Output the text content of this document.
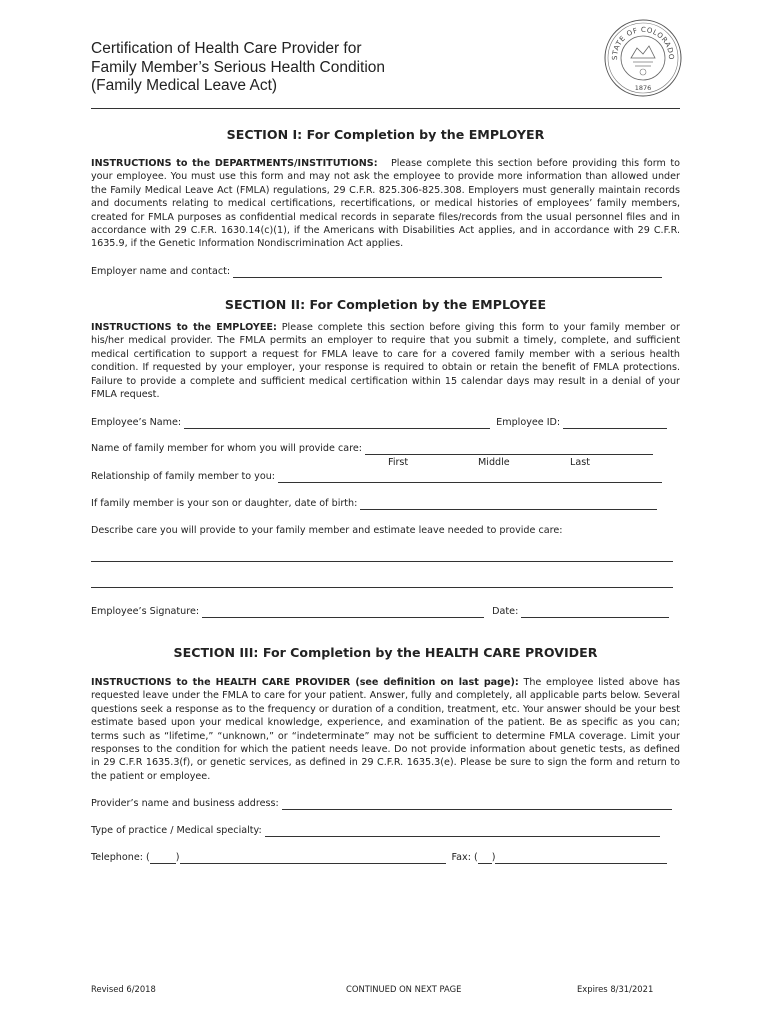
Certification of Health Care Provider for
Family Member’s Serious Health Condition
(Family Medical Leave Act)
STATE OF COLORADO
1876
SECTION I: For Completion by the EMPLOYER
INSTRUCTIONS to the DEPARTMENTS/INSTITUTIONS: Please complete this section before providing this form to your employee. You must use this form and may not ask the employee to provide more information than allowed under the Family Medical Leave Act (FMLA) regulations, 29 C.F.R. 825.306-825.308. Employers must generally maintain records and documents relating to medical certifications, recertifications, or medical histories of employees’ family members, created for FMLA purposes as confidential medical records in separate files/records from the usual personnel files and in accordance with 29 C.F.R. 1630.14(c)(1), if the Americans with Disabilities Act applies, and in accordance with 29 C.F.R. 1635.9, if the Genetic Information Nondiscrimination Act applies.
Employer name and contact:
SECTION II: For Completion by the EMPLOYEE
INSTRUCTIONS to the EMPLOYEE: Please complete this section before giving this form to your family member or his/her medical provider. The FMLA permits an employer to require that you submit a timely, complete, and sufficient medical certification to support a request for FMLA leave to care for a covered family member with a serious health condition. If requested by your employer, your response is required to obtain or retain the benefit of FMLA protections. Failure to provide a complete and sufficient medical certification within 15 calendar days may result in a denial of your FMLA request.
Employee’s Name:	Employee ID:
Name of family member for whom you will provide care:
First	Middle	Last
Relationship of family member to you:
If family member is your son or daughter, date of birth:
Describe care you will provide to your family member and estimate leave needed to provide care:
Employee’s Signature:	Date:
SECTION III: For Completion by the HEALTH CARE PROVIDER
INSTRUCTIONS to the HEALTH CARE PROVIDER (see definition on last page): The employee listed above has requested leave under the FMLA to care for your patient. Answer, fully and completely, all applicable parts below. Several questions seek a response as to the frequency or duration of a condition, treatment, etc. Your answer should be your best estimate based upon your medical knowledge, experience, and examination of the patient. Be as specific as you can; terms such as “lifetime,” “unknown,” or “indeterminate” may not be sufficient to determine FMLA coverage. Limit your responses to the condition for which the patient needs leave. Do not provide information about genetic tests, as defined in 29 C.F.R 1635.3(f), or genetic services, as defined in 29 C.F.R. 1635.3(e). Please be sure to sign the form and return to the patient or employee.
Provider’s name and business address:
Type of practice / Medical specialty:
Telephone: (	)	Fax: ( )
Revised 6/2018	CONTINUED ON NEXT PAGE	Expires 8/31/2021
